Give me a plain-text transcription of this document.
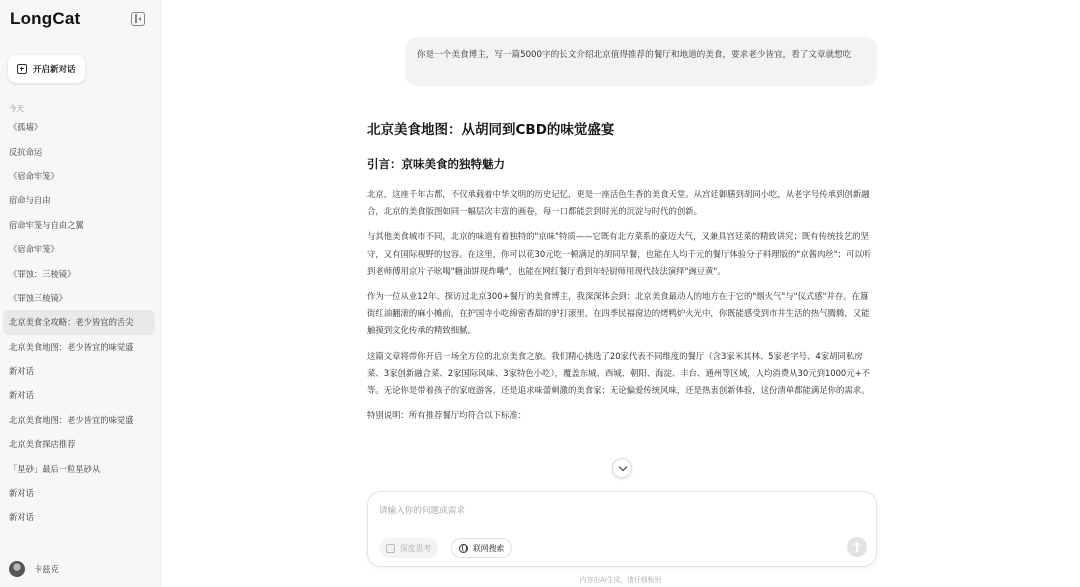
LongCat
开启新对话
今天
《孤墙》
反抗命运
《宿命牢笼》
宿命与自由
宿命牢笼与自由之翼
《宿命牢笼》
《罪蚀：三棱镜》
《罪蚀三棱镜》
北京美食全攻略：老少皆宜的舌尖
北京美食地图：老少皆宜的味觉盛
新对话
新对话
北京美食地图：老少皆宜的味觉盛
北京美食探店推荐
「星砂」最后一粒星砂从
新对话
新对话
卡兹克
你是一个美食博主，写一篇5000字的长文介绍北京值得推荐的餐厅和地道的美食，要求老少皆宜，看了文章就想吃
北京美食地图：从胡同到CBD的味觉盛宴
引言：京味美食的独特魅力

北京，这座千年古都，不仅承载着中华文明的历史记忆，更是一座活色生香的美食天堂。从宫廷御膳到胡同小吃，从老字号传承到创新融合，北京的美食版图如同一幅层次丰富的画卷，每一口都能尝到时光的沉淀与时代的创新。

与其他美食城市不同，北京的味道有着独特的"京味"特质——它既有北方菜系的豪迈大气，又兼具宫廷菜的精致讲究；既有传统技艺的坚守，又有国际视野的包容。在这里，你可以花30元吃一顿满足的胡同早餐，也能在人均千元的餐厅体验分子料理版的"京酱肉丝"；可以听到老师傅用京片子吆喝"糖油饼现炸嘞"，也能在网红餐厅看到年轻厨师用现代技法演绎"豌豆黄"。

作为一位从业12年、探访过北京300+餐厅的美食博主，我深深体会到：北京美食最动人的地方在于它的"烟火气"与"仪式感"并存。在簋街红油翻滚的麻小摊前，在护国寺小吃绵密香甜的驴打滚里，在四季民福窗边的烤鸭炉火光中，你既能感受到市井生活的热气腾腾，又能触摸到文化传承的精致细腻。

这篇文章将带你开启一场全方位的北京美食之旅。我们精心挑选了20家代表不同维度的餐厅（含3家米其林、5家老字号、4家胡同私房菜、3家创新融合菜、2家国际风味、3家特色小吃），覆盖东城、西城、朝阳、海淀、丰台、通州等区域，人均消费从30元到1000元+不等。无论你是带着孩子的家庭游客，还是追求味蕾刺激的美食家；无论偏爱传统风味，还是热衷创新体验，这份清单都能满足你的需求。

特别说明：所有推荐餐厅均符合以下标准：

请输入你的问题或需求
深度思考	联网搜索
内容由AI生成，请仔细甄别
